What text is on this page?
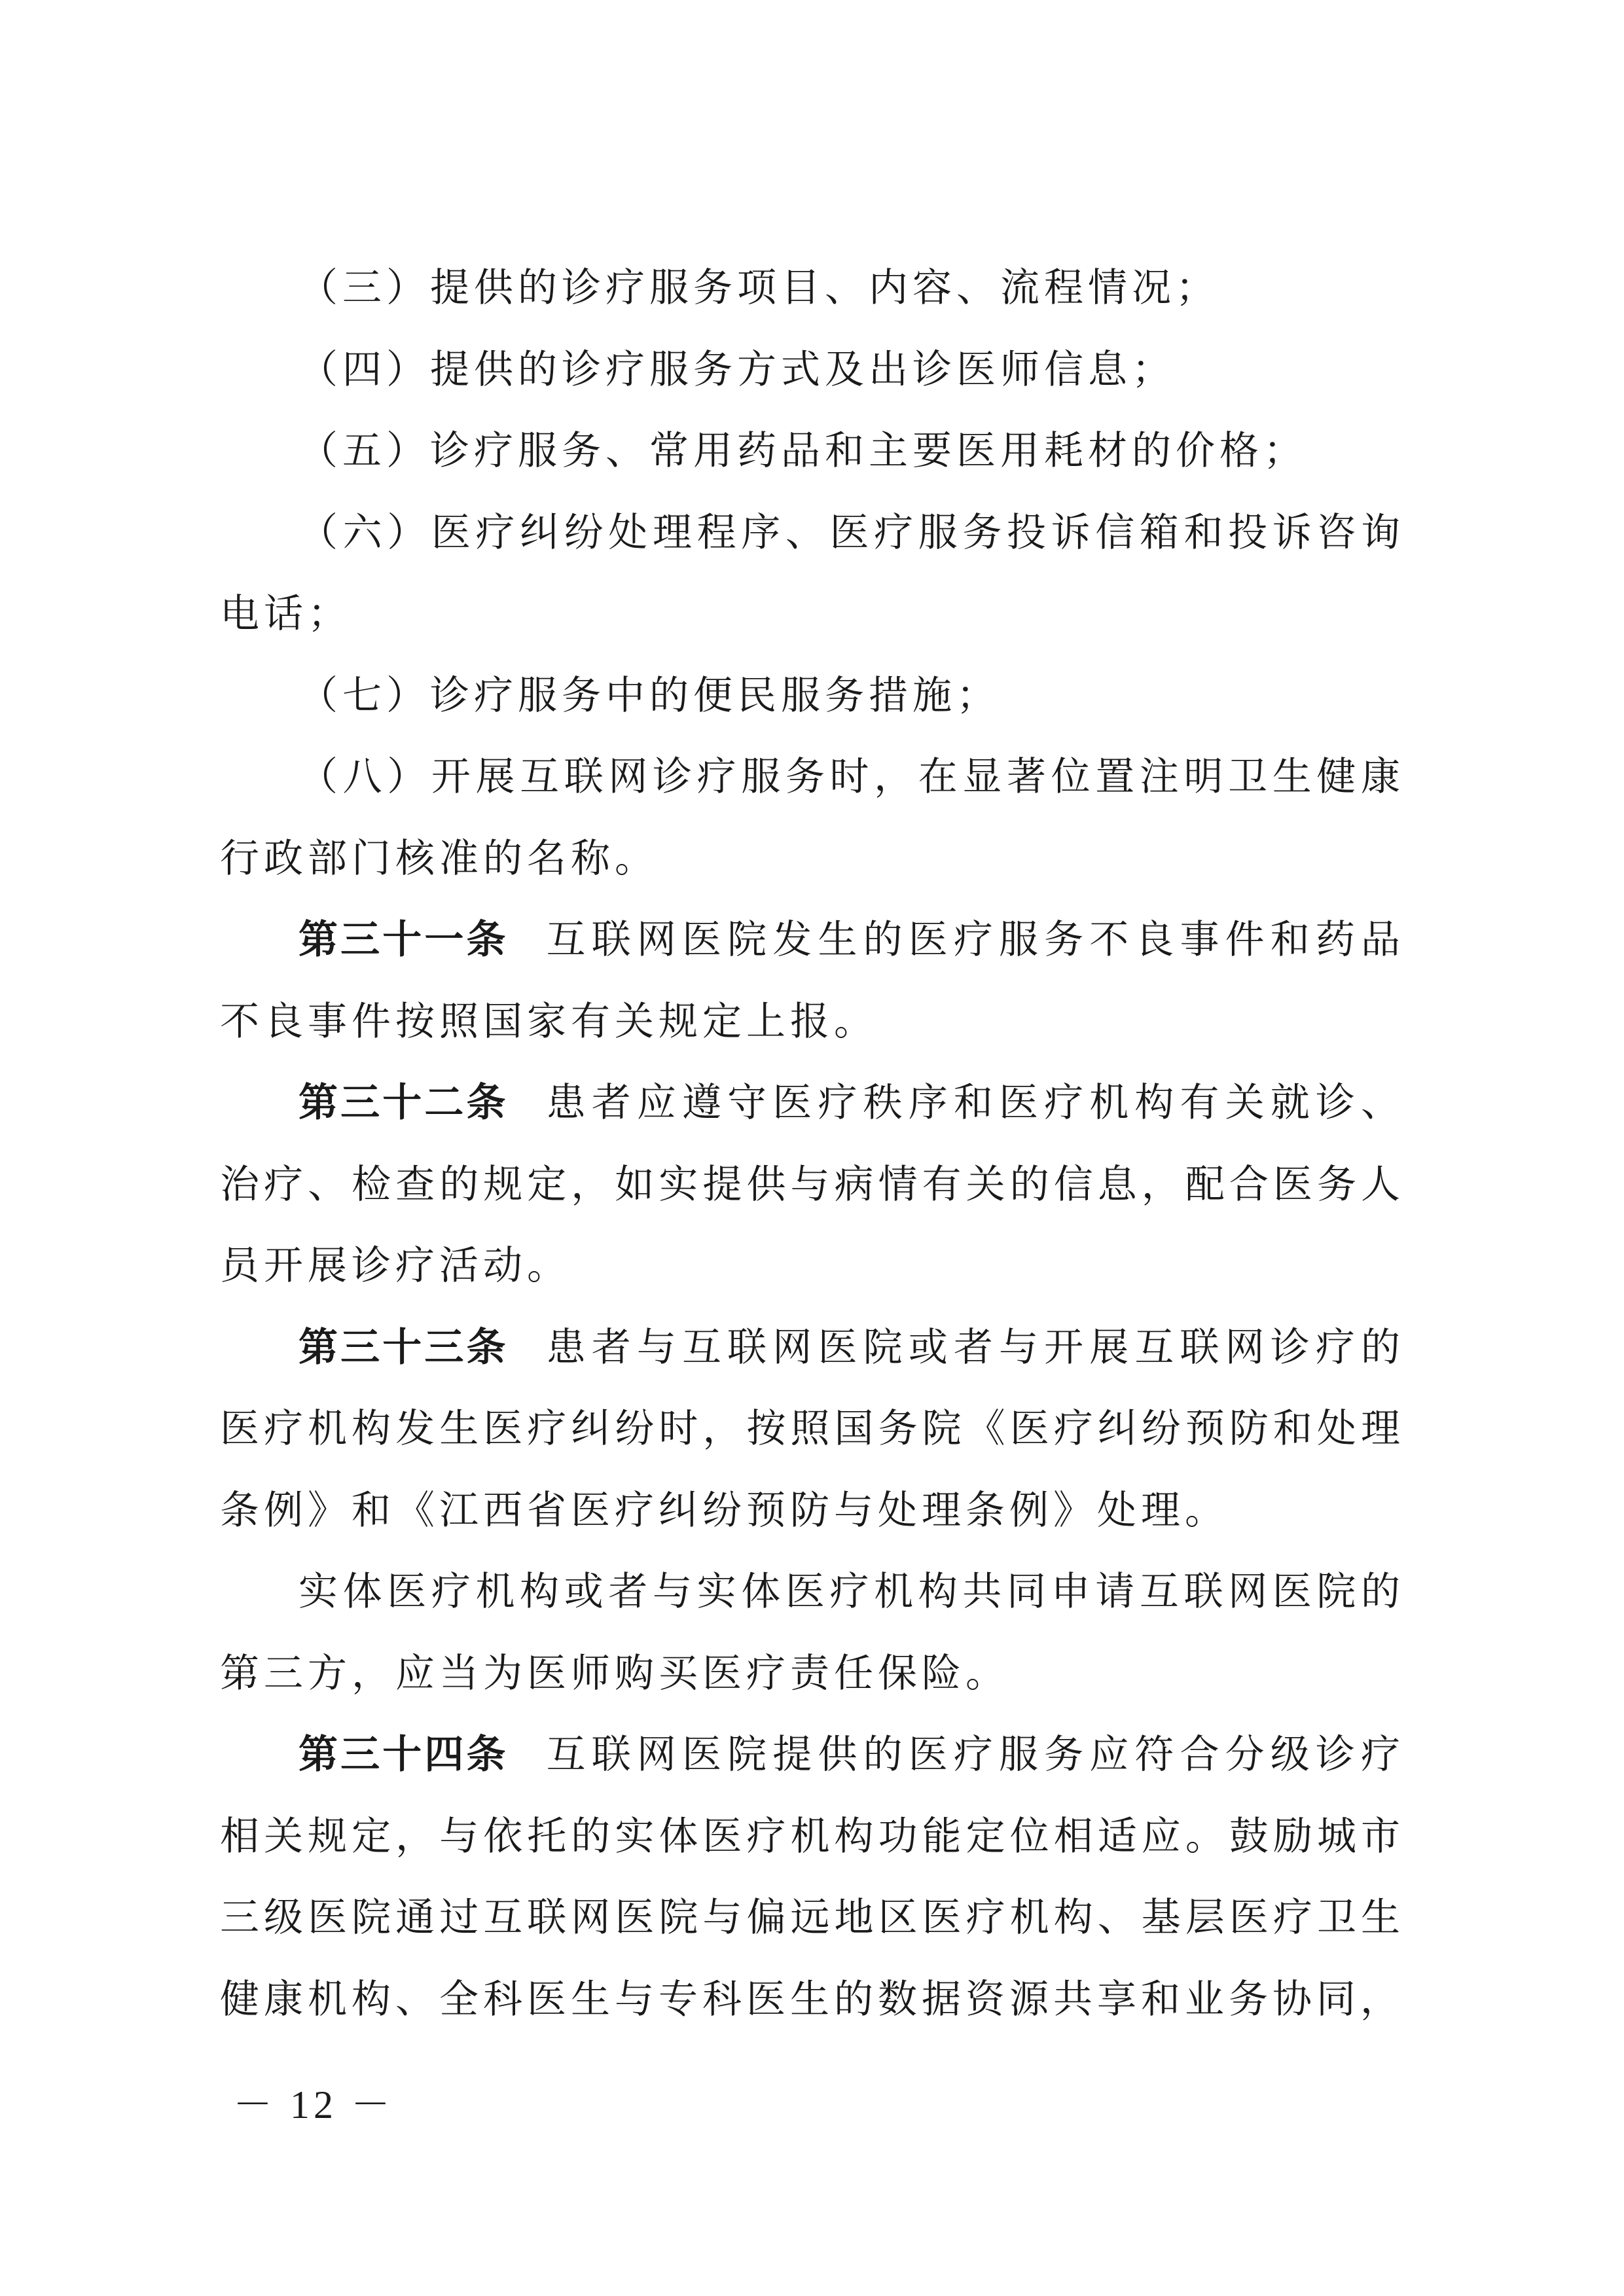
（三）提供的诊疗服务项目、内容、流程情况；

（四）提供的诊疗服务方式及出诊医师信息；

（五）诊疗服务、常用药品和主要医用耗材的价格；

（六）医疗纠纷处理程序、医疗服务投诉信箱和投诉咨询电话；

（七）诊疗服务中的便民服务措施；

（八）开展互联网诊疗服务时，在显著位置注明卫生健康行政部门核准的名称。

第三十一条 互联网医院发生的医疗服务不良事件和药品不良事件按照国家有关规定上报。

第三十二条 患者应遵守医疗秩序和医疗机构有关就诊、治疗、检查的规定，如实提供与病情有关的信息，配合医务人员开展诊疗活动。

第三十三条 患者与互联网医院或者与开展互联网诊疗的医疗机构发生医疗纠纷时，按照国务院《医疗纠纷预防和处理条例》和《江西省医疗纠纷预防与处理条例》处理。

实体医疗机构或者与实体医疗机构共同申请互联网医院的第三方，应当为医师购买医疗责任保险。

第三十四条 互联网医院提供的医疗服务应符合分级诊疗相关规定，与依托的实体医疗机构功能定位相适应。鼓励城市三级医院通过互联网医院与偏远地区医疗机构、基层医疗卫生健康机构、全科医生与专科医生的数据资源共享和业务协同，

－ 12 －
